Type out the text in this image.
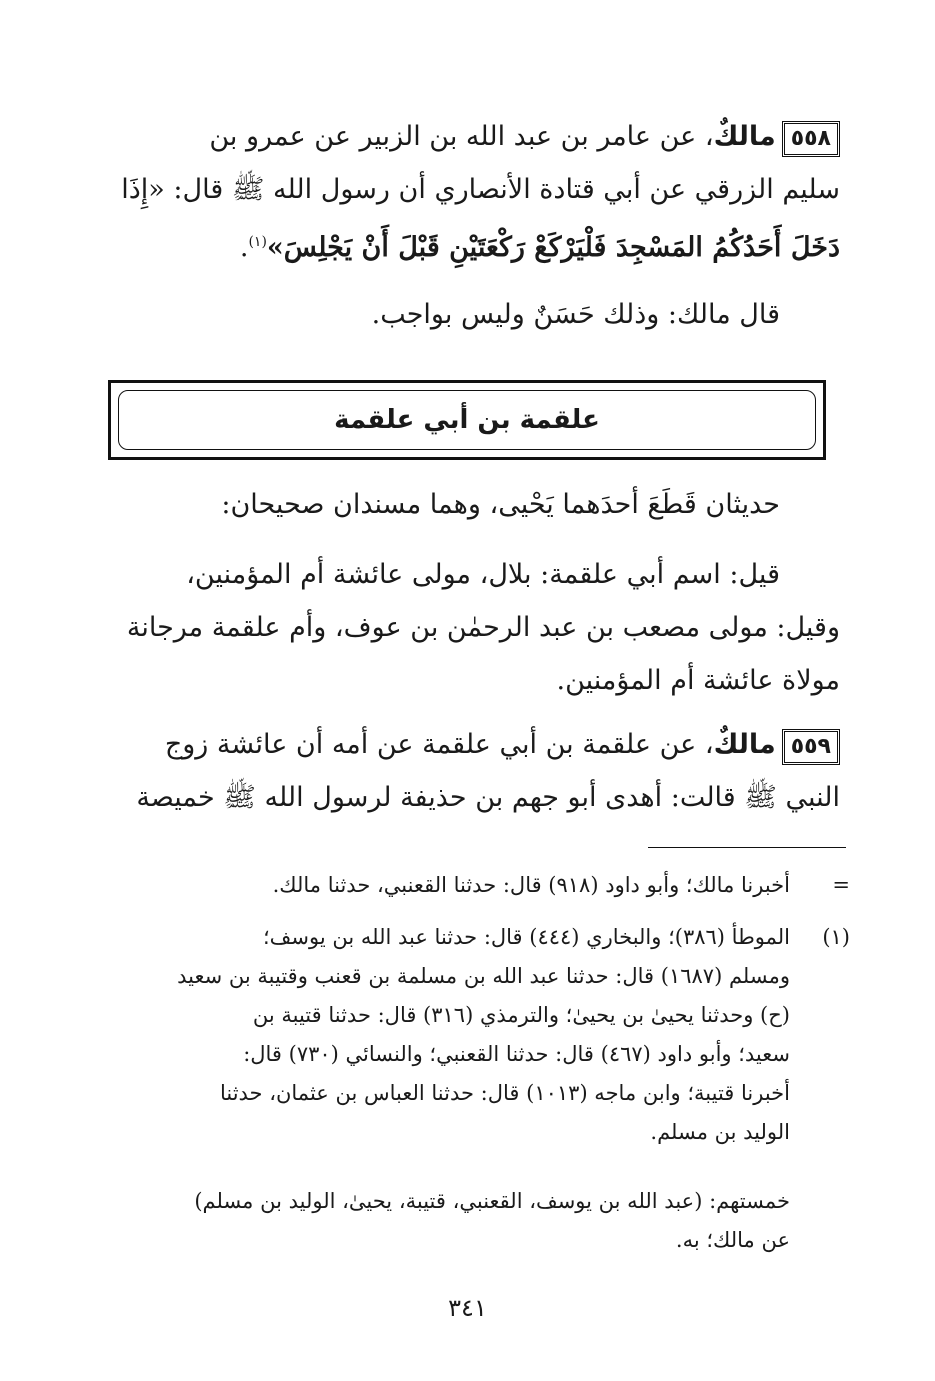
٥٥٨مالكٌ، عن عامر بن عبد الله بن الزبير عن عمرو بن
سليم الزرقي عن أبي قتادة الأنصاري أن رسول الله ﷺ قال: «إِذَا
دَخَلَ أَحَدُكُمُ المَسْجِدَ فَلْيَرْكَعْ رَكْعَتَيْنِ قَبْلَ أَنْ يَجْلِسَ»$^{(١)}$.
قال مالك: وذلك حَسَنٌ وليس بواجب.
علقمة بن أبي علقمة
حديثان قَطَعَ أحدَهما يَحْيى، وهما مسندان صحيحان:
قيل: اسم أبي علقمة: بلال، مولى عائشة أم المؤمنين،
وقيل: مولى مصعب بن عبد الرحمٰن بن عوف، وأم علقمة مرجانة
مولاة عائشة أم المؤمنين.
٥٥٩مالكٌ، عن علقمة بن أبي علقمة عن أمه أن عائشة زوج
النبي ﷺ قالت: أهدى أبو جهم بن حذيفة لرسول الله ﷺ خميصة
=
أخبرنا مالك؛ وأبو داود (٩١٨) قال: حدثنا القعنبي، حدثنا مالك.
(١)
الموطأ (٣٨٦)؛ والبخاري (٤٤٤) قال: حدثنا عبد الله بن يوسف؛
ومسلم (١٦٨٧) قال: حدثنا عبد الله بن مسلمة بن قعنب وقتيبة بن سعيد
(ح) وحدثنا يحيىٰ بن يحيىٰ؛ والترمذي (٣١٦) قال: حدثنا قتيبة بن
سعيد؛ وأبو داود (٤٦٧) قال: حدثنا القعنبي؛ والنسائي (٧٣٠) قال:
أخبرنا قتيبة؛ وابن ماجه (١٠١٣) قال: حدثنا العباس بن عثمان، حدثنا
الوليد بن مسلم.
خمستهم: (عبد الله بن يوسف، القعنبي، قتيبة، يحيىٰ، الوليد بن مسلم)
عن مالك؛ به.
٣٤١
